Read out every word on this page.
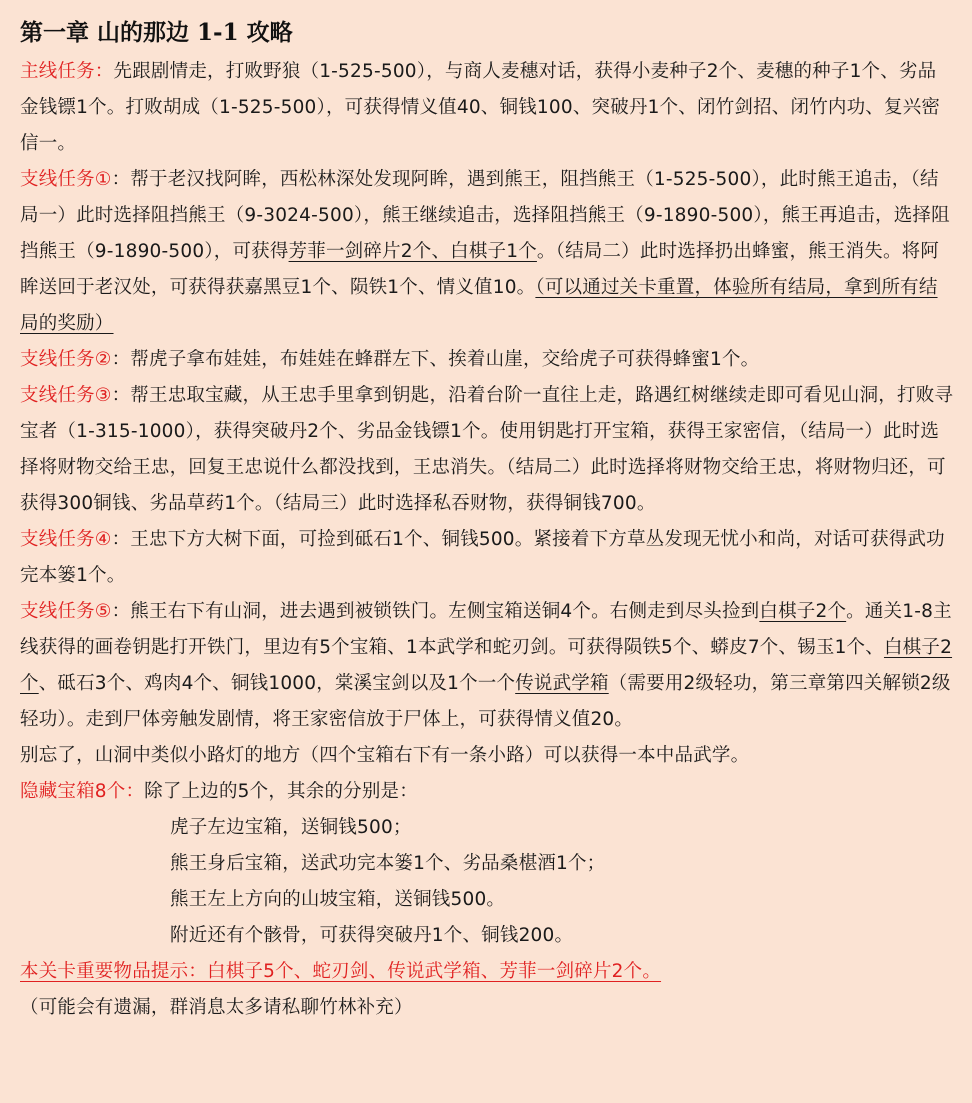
第一章 山的那边 1-1 攻略

主线任务：先跟剧情走，打败野狼（1-525-500），与商人麦穗对话，获得小麦种子2个、麦穗的种子1个、劣品金钱镖1个。打败胡成（1-525-500），可获得情义值40、铜钱100、突破丹1个、闭竹剑招、闭竹内功、复兴密信一。

支线任务①：帮于老汉找阿眸，西松林深处发现阿眸，遇到熊王，阻挡熊王（1-525-500），此时熊王追击，（结局一）此时选择阻挡熊王（9-3024-500），熊王继续追击，选择阻挡熊王（9-1890-500），熊王再追击，选择阻挡熊王（9-1890-500），可获得芳菲一剑碎片2个、白棋子1个。（结局二）此时选择扔出蜂蜜，熊王消失。将阿眸送回于老汉处，可获得获嘉黑豆1个、陨铁1个、情义值10。（可以通过关卡重置，体验所有结局，拿到所有结局的奖励）

支线任务②：帮虎子拿布娃娃，布娃娃在蜂群左下、挨着山崖，交给虎子可获得蜂蜜1个。

支线任务③：帮王忠取宝藏，从王忠手里拿到钥匙，沿着台阶一直往上走，路遇红树继续走即可看见山洞，打败寻宝者（1-315-1000），获得突破丹2个、劣品金钱镖1个。使用钥匙打开宝箱，获得王家密信，（结局一）此时选择将财物交给王忠，回复王忠说什么都没找到，王忠消失。（结局二）此时选择将财物交给王忠，将财物归还，可获得300铜钱、劣品草药1个。（结局三）此时选择私吞财物，获得铜钱700。

支线任务④：王忠下方大树下面，可捡到砥石1个、铜钱500。紧接着下方草丛发现无忧小和尚，对话可获得武功完本篓1个。

支线任务⑤：熊王右下有山洞，进去遇到被锁铁门。左侧宝箱送铜4个。右侧走到尽头捡到白棋子2个。通关1-8主线获得的画卷钥匙打开铁门，里边有5个宝箱、1本武学和蛇刃剑。可获得陨铁5个、蟒皮7个、锡玉1个、白棋子2个、砥石3个、鸡肉4个、铜钱1000，棠溪宝剑以及1个一个传说武学箱（需要用2级轻功，第三章第四关解锁2级轻功）。走到尸体旁触发剧情，将王家密信放于尸体上，可获得情义值20。

别忘了，山洞中类似小路灯的地方（四个宝箱右下有一条小路）可以获得一本中品武学。

隐藏宝箱8个：除了上边的5个，其余的分别是：

虎子左边宝箱，送铜钱500；

熊王身后宝箱，送武功完本篓1个、劣品桑椹酒1个；

熊王左上方向的山坡宝箱，送铜钱500。

附近还有个骸骨，可获得突破丹1个、铜钱200。

本关卡重要物品提示：白棋子5个、蛇刃剑、传说武学箱、芳菲一剑碎片2个。

（可能会有遗漏，群消息太多请私聊竹林补充）
